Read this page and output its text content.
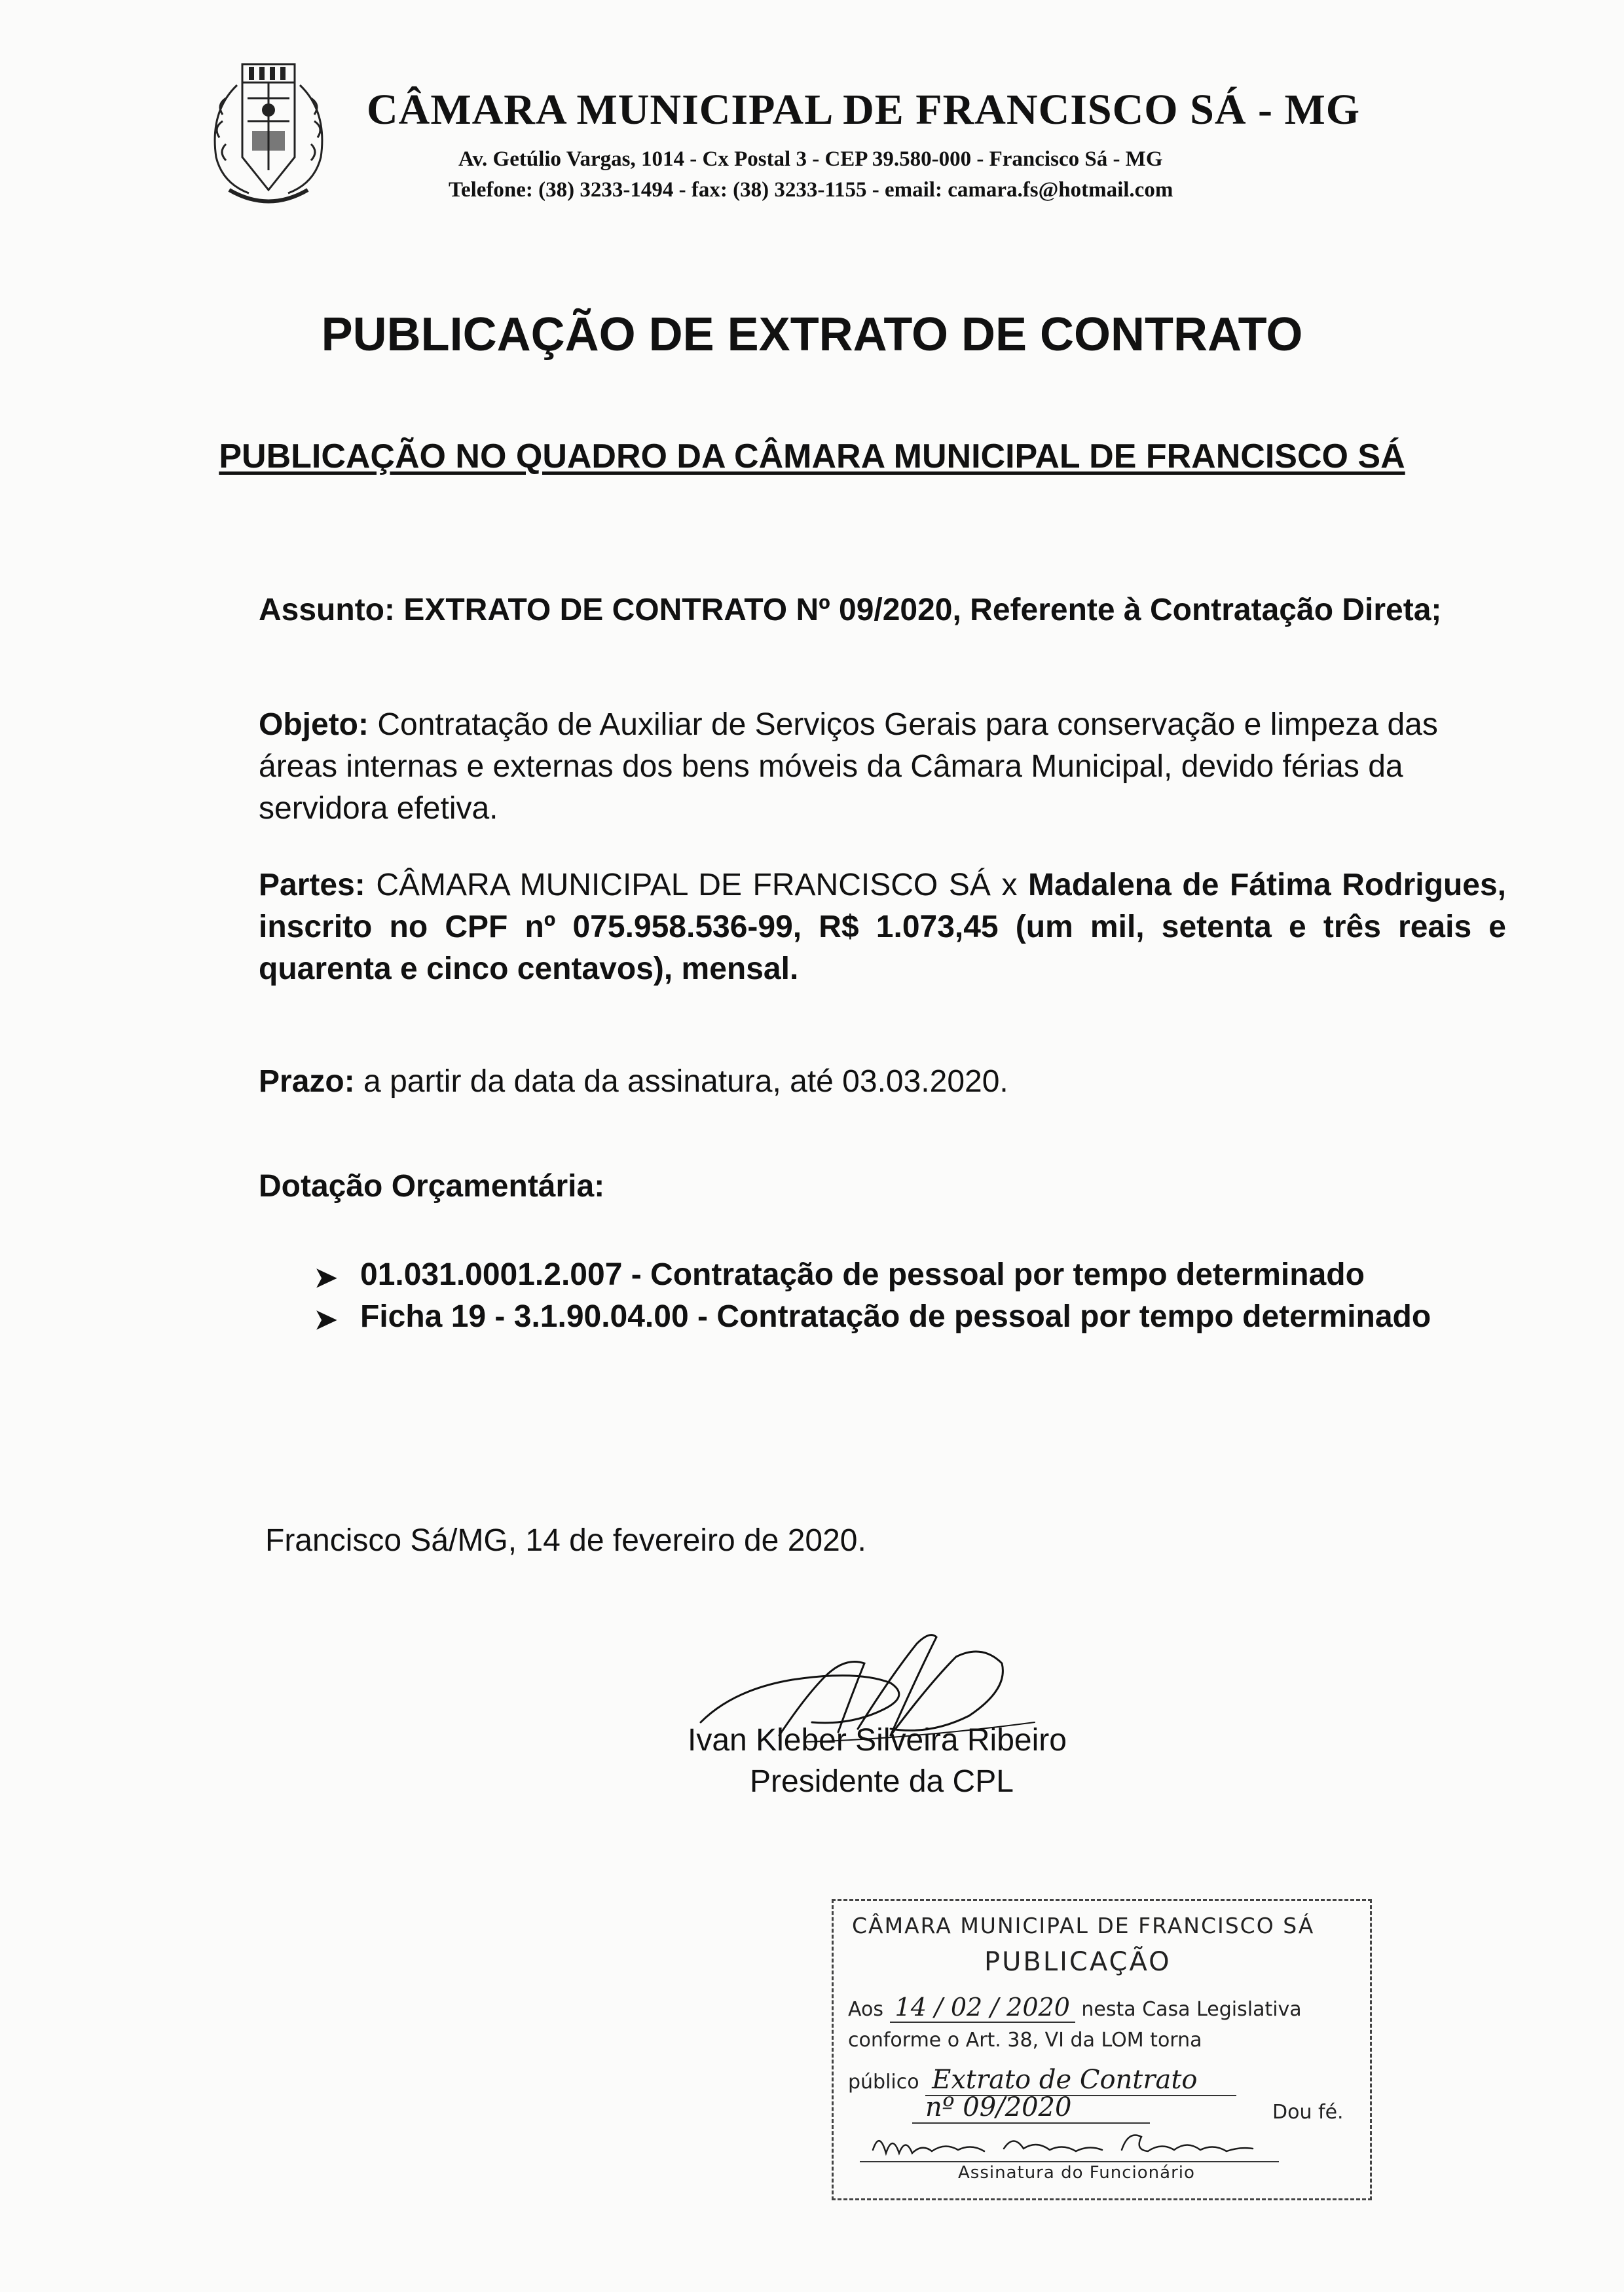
CÂMARA MUNICIPAL DE FRANCISCO SÁ - MG
Av. Getúlio Vargas, 1014 - Cx Postal 3 - CEP 39.580-000 - Francisco Sá - MG
Telefone: (38) 3233-1494 - fax: (38) 3233-1155 - email: camara.fs@hotmail.com
PUBLICAÇÃO DE EXTRATO DE CONTRATO
PUBLICAÇÃO NO QUADRO DA CÂMARA MUNICIPAL DE FRANCISCO SÁ
Assunto: EXTRATO DE CONTRATO Nº 09/2020, Referente à Contratação Direta;
Objeto: Contratação de Auxiliar de Serviços Gerais para conservação e limpeza das áreas internas e externas dos bens móveis da Câmara Municipal, devido férias da servidora efetiva.
Partes: CÂMARA MUNICIPAL DE FRANCISCO SÁ x Madalena de Fátima Rodrigues, inscrito no CPF nº 075.958.536-99, R$ 1.073,45 (um mil, setenta e três reais e quarenta e cinco centavos), mensal.
Prazo: a partir da data da assinatura, até 03.03.2020.
Dotação Orçamentária:
➤ 01.031.0001.2.007 - Contratação de pessoal por tempo determinado
➤ Ficha 19 - 3.1.90.04.00 - Contratação de pessoal por tempo determinado
Francisco Sá/MG, 14 de fevereiro de 2020.
Ivan Kleber Silveira Ribeiro
Presidente da CPL
CÂMARA MUNICIPAL DE FRANCISCO SÁ
PUBLICAÇÃO
Aos 14 / 02 / 2020 nesta Casa Legislativa
conforme o Art. 38, VI da LOM torna
público Extrato de Contrato
nº 09/2020	Dou fé.
Assinatura do Funcionário
